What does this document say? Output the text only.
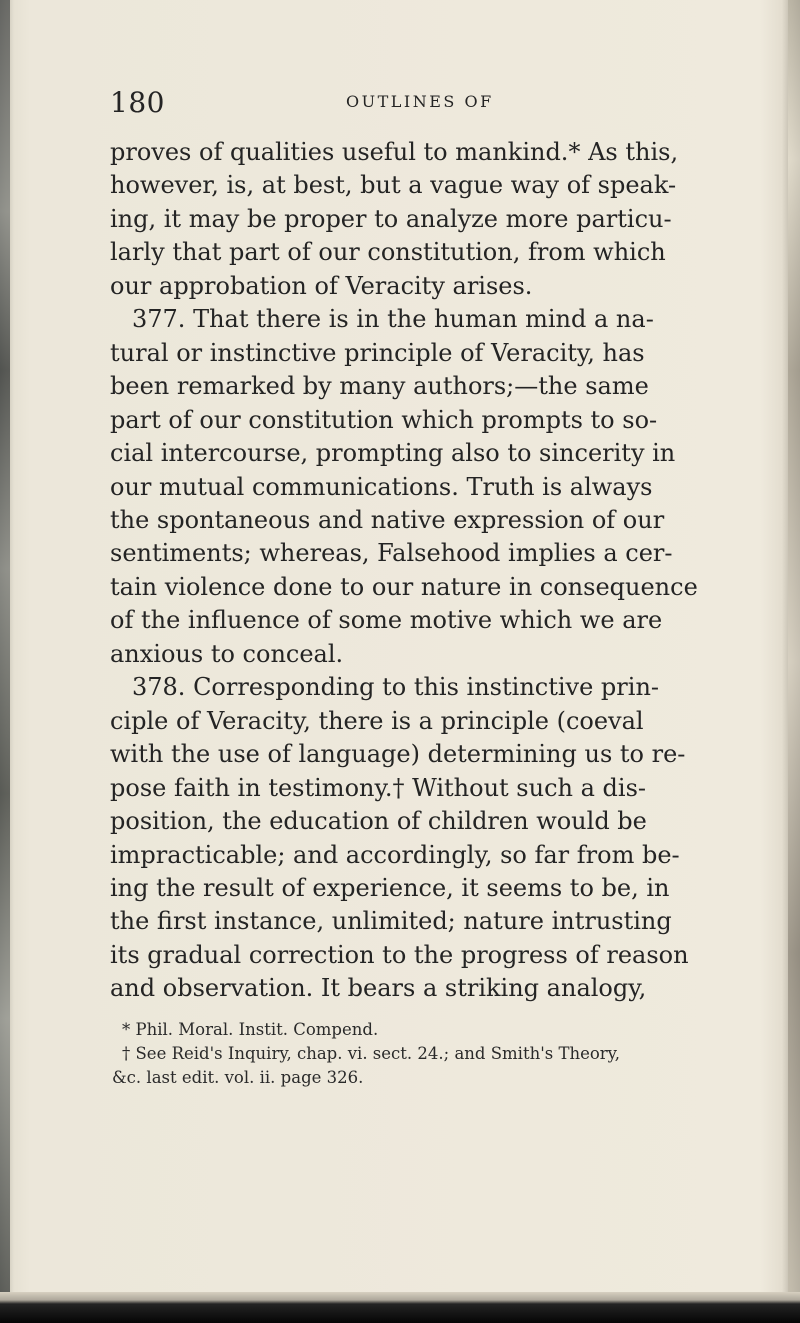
180	OUTLINES OF
proves of qualities useful to mankind.* As this,
however, is, at best, but a vague way of speak-
ing, it may be proper to analyze more particu-
larly that part of our constitution, from which
our approbation of Veracity arises.
377. That there is in the human mind a na-
tural or instinctive principle of Veracity, has
been remarked by many authors;—the same
part of our constitution which prompts to so-
cial intercourse, prompting also to sincerity in
our mutual communications. Truth is always
the spontaneous and native expression of our
sentiments; whereas, Falsehood implies a cer-
tain violence done to our nature in consequence
of the influence of some motive which we are
anxious to conceal.
378. Corresponding to this instinctive prin-
ciple of Veracity, there is a principle (coeval
with the use of language) determining us to re-
pose faith in testimony.† Without such a dis-
position, the education of children would be
impracticable; and accordingly, so far from be-
ing the result of experience, it seems to be, in
the first instance, unlimited; nature intrusting
its gradual correction to the progress of reason
and observation. It bears a striking analogy,
* Phil. Moral. Instit. Compend.
† See Reid's Inquiry, chap. vi. sect. 24.; and Smith's Theory,
&c. last edit. vol. ii. page 326.
